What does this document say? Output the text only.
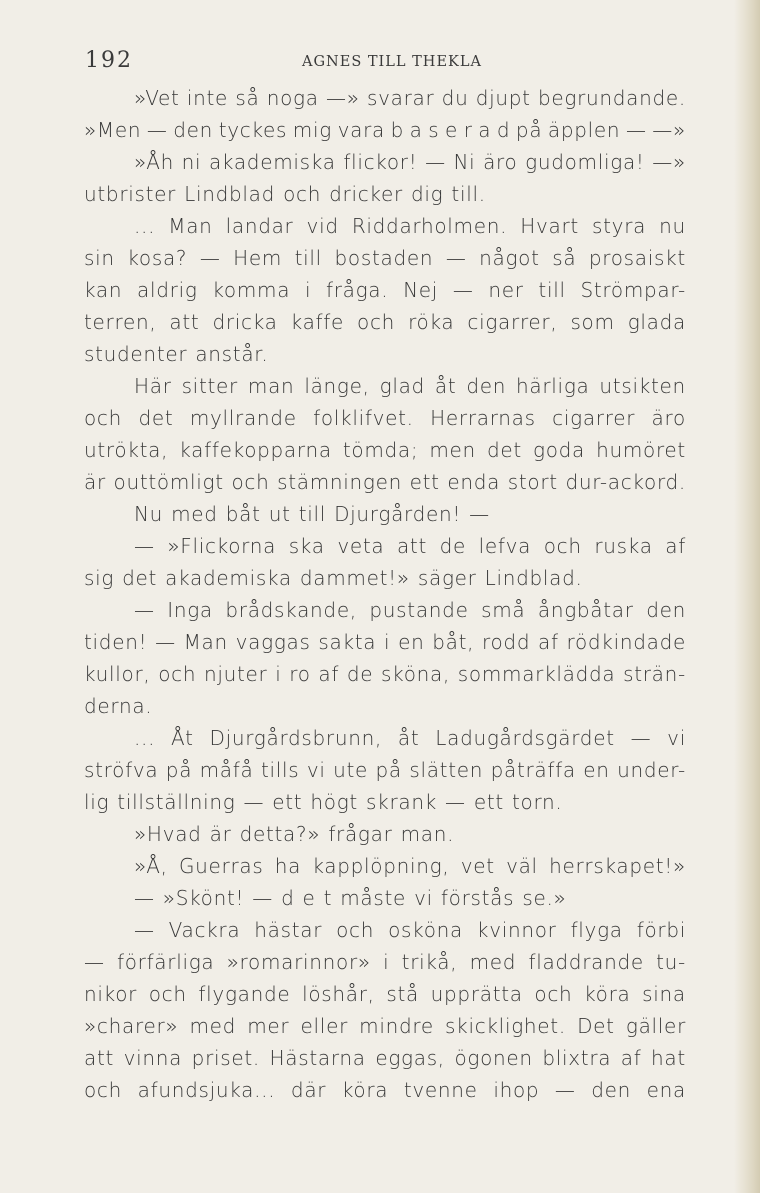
192	AGNES TILL THEKLA
»Vet inte så noga —» svarar du djupt begrundande.
»Men — den tyckes mig vara b a s e r a d på äpplen — —»
»Åh ni akademiska flickor! — Ni äro gudomliga! —»
utbrister Lindblad och dricker dig till.
... Man landar vid Riddarholmen. Hvart styra nu
sin kosa? — Hem till bostaden — något så prosaiskt
kan aldrig komma i fråga. Nej — ner till Strömpar-
terren, att dricka kaffe och röka cigarrer, som glada
studenter anstår.
Här sitter man länge, glad åt den härliga utsikten
och det myllrande folklifvet. Herrarnas cigarrer äro
utrökta, kaffekopparna tömda; men det goda humöret
är outtömligt och stämningen ett enda stort dur-ackord.
Nu med båt ut till Djurgården! —
— »Flickorna ska veta att de lefva och ruska af
sig det akademiska dammet!» säger Lindblad.
— Inga brådskande, pustande små ångbåtar den
tiden! — Man vaggas sakta i en båt, rodd af rödkindade
kullor, och njuter i ro af de sköna, sommarklädda strän-
derna.
... Åt Djurgårdsbrunn, åt Ladugårdsgärdet — vi
ströfva på måfå tills vi ute på slätten påträffa en under-
lig tillställning — ett högt skrank — ett torn.
»Hvad är detta?» frågar man.
»Å, Guerras ha kapplöpning, vet väl herrskapet!»
— »Skönt! — d e t måste vi förstås se.»
— Vackra hästar och osköna kvinnor flyga förbi
— förfärliga »romarinnor» i trikå, med fladdrande tu-
nikor och flygande löshår, stå upprätta och köra sina
»charer» med mer eller mindre skicklighet. Det gäller
att vinna priset. Hästarna eggas, ögonen blixtra af hat
och afundsjuka... där köra tvenne ihop — den ena
